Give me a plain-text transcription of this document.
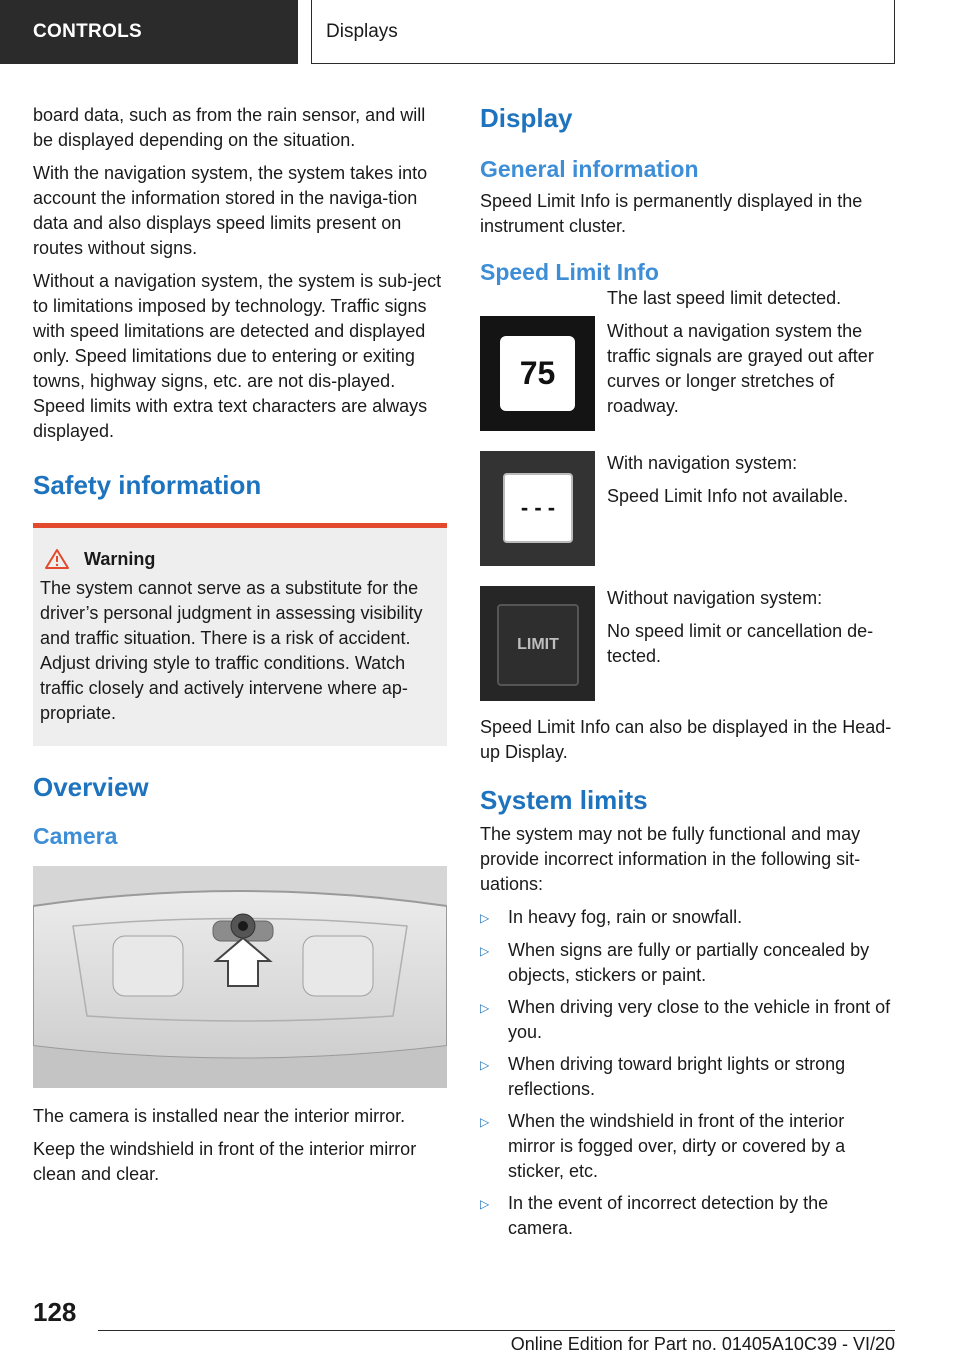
CONTROLS	Displays

board data, such as from the rain sensor, and will be displayed depending on the situation.

With the navigation system, the system takes into account the information stored in the naviga‐tion data and also displays speed limits present on routes without signs.

Without a navigation system, the system is sub‐ject to limitations imposed by technology. Traffic signs with speed limitations are detected and displayed only. Speed limitations due to entering or exiting towns, highway signs, etc. are not dis‐played. Speed limits with extra text characters are always displayed.

Safety information
Warning

The system cannot serve as a substitute for the driver’s personal judgment in assessing visibility and traffic situation. There is a risk of accident. Adjust driving style to traffic conditions. Watch traffic closely and actively intervene where ap‐propriate.

Overview
Camera

The camera is installed near the interior mirror.

Keep the windshield in front of the interior mirror clean and clear.

Display
General information

Speed Limit Info is permanently displayed in the instrument cluster.

Speed Limit Info
75

The last speed limit detected.

Without a navigation system the traffic signals are grayed out after curves or longer stretches of roadway.

- - -

With navigation system:

Speed Limit Info not available.

LIMIT

Without navigation system:

No speed limit or cancellation de‐tected.

Speed Limit Info can also be displayed in the Head-up Display.

System limits

The system may not be fully functional and may provide incorrect information in the following sit‐uations:

▷	In heavy fog, rain or snowfall.
▷	When signs are fully or partially concealed by objects, stickers or paint.
▷	When driving very close to the vehicle in front of you.
▷	When driving toward bright lights or strong reflections.
▷	When the windshield in front of the interior mirror is fogged over, dirty or covered by a sticker, etc.
▷	In the event of incorrect detection by the camera.
128
Online Edition for Part no. 01405A10C39 - VI/20
